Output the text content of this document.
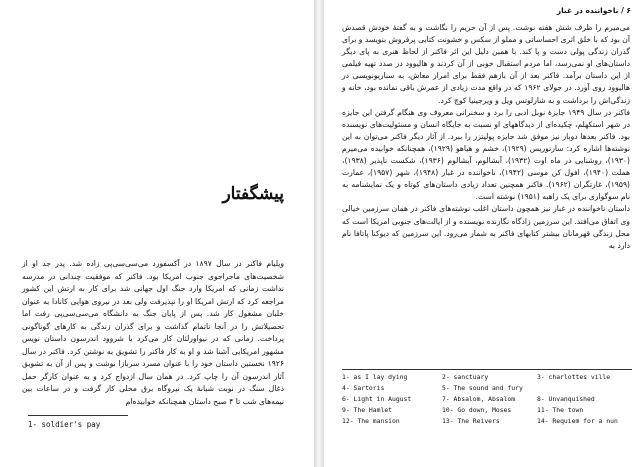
پیشگفتار

ویلیام فاکنر در سال ۱۸۹۷ در آکسفورد می‌سی‌سی‌پی زاده شد. پدر جد او از شخصیت‌های ماجراجوی جنوب امریکا بود. فاکنر که موفقیت چندانی در مدرسه نداشت زمانی که امریکا وارد جنگ اول جهانی شد برای کار به ارتش این کشور مراجعه کرد که ارتش امریکا او را نپذیرفت ولی بعد در نیروی هوایی کانادا به عنوان خلبان مشغول کار شد. پس از پایان جنگ به دانشگاه می‌سی‌سی‌پی رفت اما تحصیلاتش را در آنجا ناتمام گذاشت و برای گذران زندگی به کارهای گوناگونی پرداخت. زمانی که در نیواورلئان کار می‌کرد با شروود اندرسون داستان نویس مشهور امریکایی آشنا شد و او به کار فاکنر را تشویق به نوشتن کرد. فاکنر در سال ۱۹۲۶ نخستین داستان خود را با عنوان مسرد سربازا نوشت و پس از آن به تشویق آثار اندرسون آن را چاپ کرد. در همان سال ازدواج کرد و به عنوان کارگر حمل ذغال سنگ در نوبت شبانهٔ یک نیروگاه برق محلی کار گرفت و در ساعات بین نیمه‌های شب تا ۴ صبح داستان همچنانکه خوابیده‌ام

1- soldier's pay
۶ / ناخواننده در غبار

می‌میرم را ظرف شش هفته نوشت. پس از آن حریم را نگاشت و به گفتهٔ خودش قصدش آن بود که با خلق اثری احساساتی و مملو از سکس و خشونت کتابی پرفروش بنویسد و برای گذران زندگی پولی دست و پا کند. با همین دلیل این اثر فاکنر از لحاظ هنری به پای دیگر داستان‌های او نمی‌رسد، اما مردم استقبال خوبی از آن کردند و هالیوود در صدد تهیه فیلمی از این داستان برآمد. فاکنر بعد از آن بازهم فقط برای امرار معاش، به سناریونویسی در هالیوود روی آورد. در جولای ۱۹۶۲ که در واقع مدت زیادی از عمرش باقی نمانده بود، خانه و زندگی‌اش را برداشت و به شارلوتس ویل و ویرجینیا کوچ کرد.

فاکنر در سال ۱۹۴۹ جایزهٔ نوبل ادبی را برد و سخنرانی معروف وی هنگام گرفتن این جایزه در شهر استکهلم، چکیده‌ای از دیدگاههای او نسبت به جایگاه انسان و مسئولیت‌های نویسنده بود. فاکنر بعدها دوبار نیز موفق شد جایزه پولیتزر را ببرد. از آثار دیگر فاکنر می‌توان به این نوشته‌ها اشاره کرد: سارتوریس (۱۹۲۹)، خشم و هیاهو (۱۹۲۹)، همچنانکه خوابیده می‌میرم (۱۹۳۰)، روشنایی در ماه اوت (۱۹۳۲)، آبشالوم، آبشالوم (۱۹۳۶)، شکست ناپذیر (۱۹۳۸)، هملت (۱۹۴۰)، افول کن موسی (۱۹۴۲)، ناخواننده در غبار (۱۹۴۸)، شهر (۱۹۵۷)، عمارت (۱۹۵۹)، غارتگران (۱۹۶۲). فاکنر همچنین تعداد زیادی داستان‌های کوتاه و یک نمایشنامه به نام سوگواری برای یک راهبه (۱۹۵۱) نوشته است.

داستان ناخواننده در غبار نیز همچون داستان اغلب نوشته‌های فاکنر در همان سرزمین خیالی وی اتفاق می‌افتد. این سرزمین زادگاه نگارنده نویسنده و از ایالت‌های جنوبی امریکا است که محل زندگی قهرمانان بیشتر کتابهای فاکنر به شمار می‌رود. این سرزمین که دیوکنا پاتافا نام دارد به

1- as I lay dying	2- sanctuary	3- charlottes ville
4- Sartoris	5- The sound and fury
6- Light in August	7- Absalom, Absalom	8- Unvanquished
9- The Hamlet	10- Go down, Moses	11- The town
12- The mansion	13- The Reivers	14- Requiem for a nun
